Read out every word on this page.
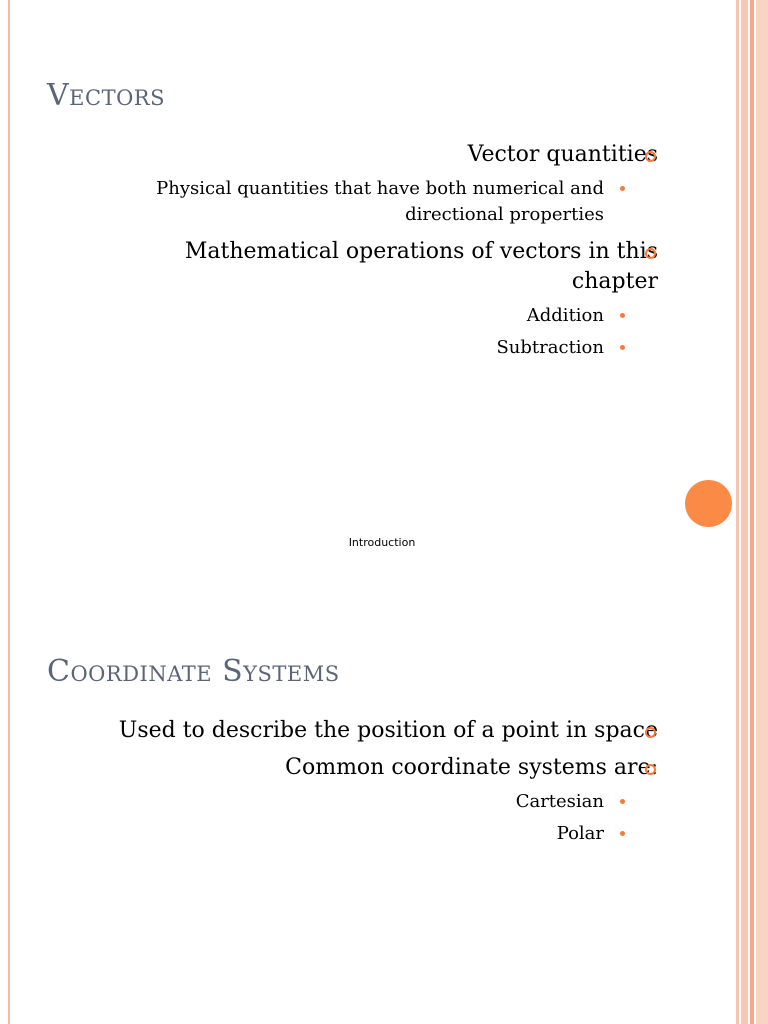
Vectors
Vector quantities
Physical quantities that have both numerical and
directional properties
Mathematical operations of vectors in this
chapter
Addition
Subtraction
Introduction
Coordinate Systems
Used to describe the position of a point in space
Common coordinate systems are:
Cartesian
Polar
